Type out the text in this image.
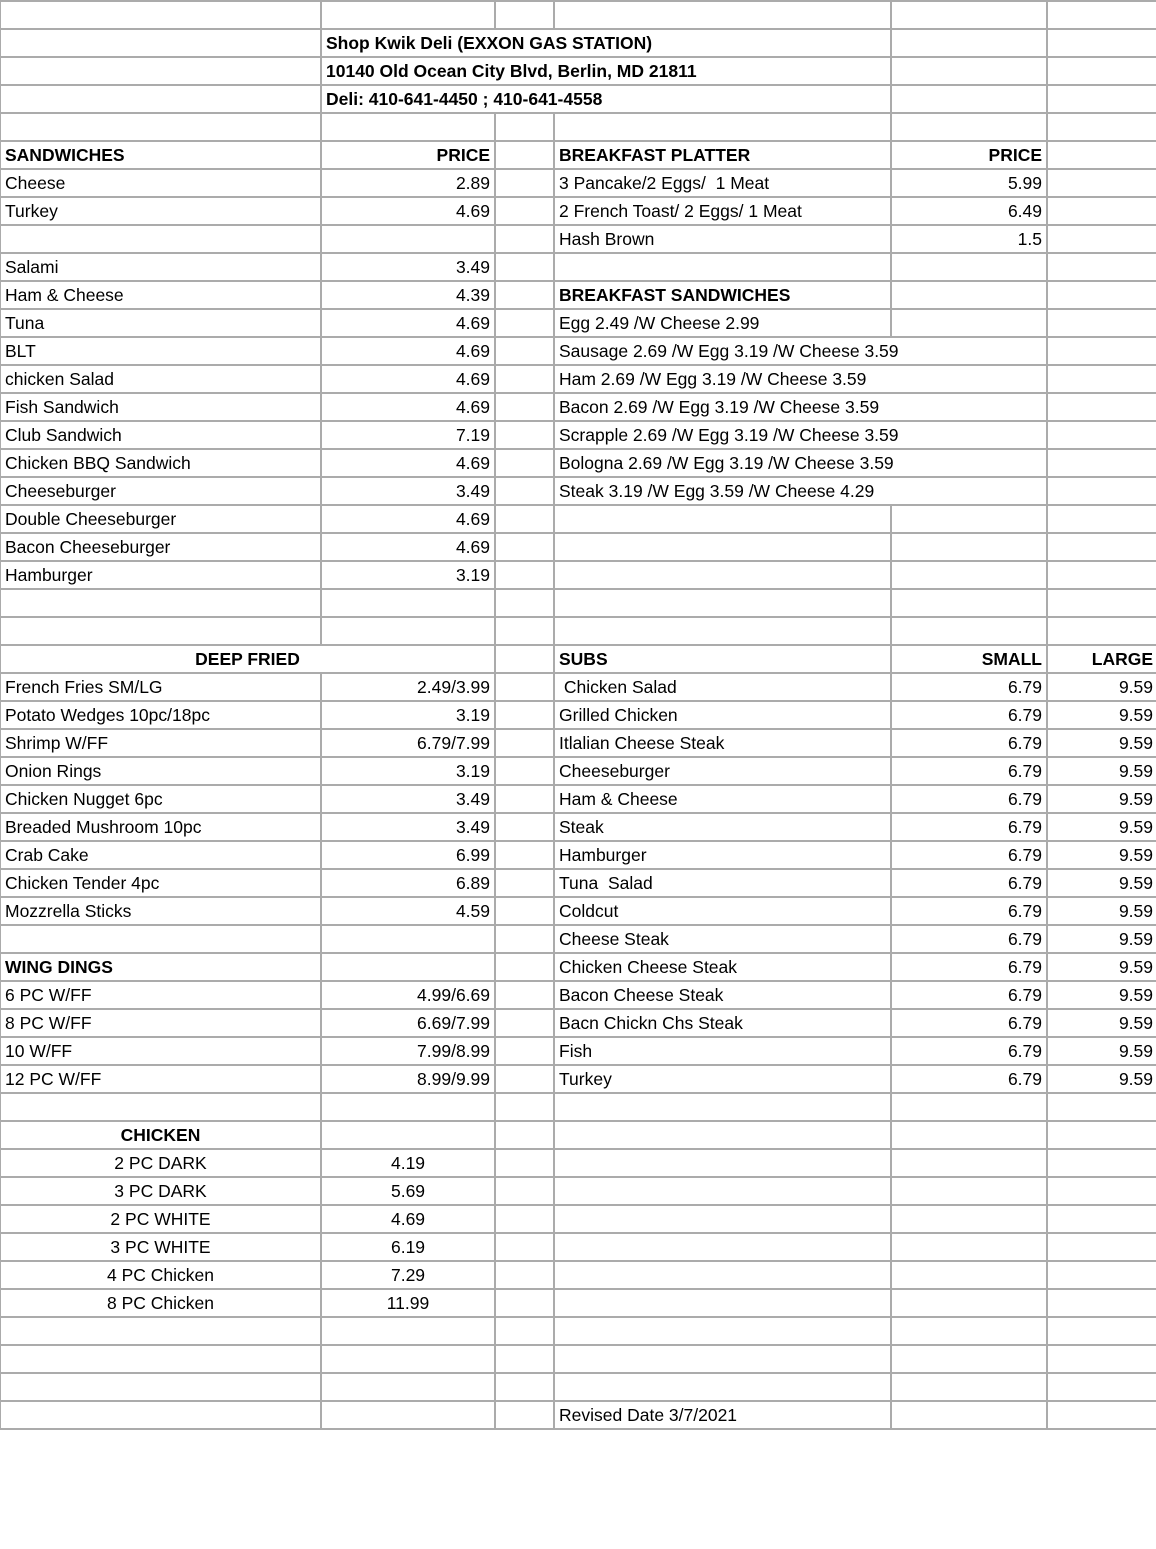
	Shop Kwik Deli (EXXON GAS STATION)				
	10140 Old Ocean City Blvd, Berlin, MD 21811				
	Deli: 410-641-4450 ; 410-641-4558				

SANDWICHES	PRICE		BREAKFAST PLATTER	PRICE	
Cheese	2.89		3 Pancake/2 Eggs/  1 Meat	5.99	
Turkey	4.69		2 French Toast/ 2 Eggs/ 1 Meat	6.49	
			Hash Brown	1.5	
Salami	3.49				
Ham & Cheese	4.39		BREAKFAST SANDWICHES		
Tuna	4.69		Egg 2.49 /W Cheese 2.99		
BLT	4.69		Sausage 2.69 /W Egg 3.19 /W Cheese 3.59		
chicken Salad	4.69		Ham 2.69 /W Egg 3.19 /W Cheese 3.59		
Fish Sandwich	4.69		Bacon 2.69 /W Egg 3.19 /W Cheese 3.59		
Club Sandwich	7.19		Scrapple 2.69 /W Egg 3.19 /W Cheese 3.59		
Chicken BBQ Sandwich	4.69		Bologna 2.69 /W Egg 3.19 /W Cheese 3.59		
Cheeseburger	3.49		Steak 3.19 /W Egg 3.59 /W Cheese 4.29		
Double Cheeseburger	4.69				
Bacon Cheeseburger	4.69				
Hamburger	3.19				

DEEP FRIED			SUBS	SMALL	LARGE
French Fries SM/LG	2.49/3.99		Chicken Salad	6.79	9.59
Potato Wedges 10pc/18pc	3.19		Grilled Chicken	6.79	9.59
Shrimp W/FF	6.79/7.99		Itlalian Cheese Steak	6.79	9.59
Onion Rings	3.19		Cheeseburger	6.79	9.59
Chicken Nugget 6pc	3.49		Ham & Cheese	6.79	9.59
Breaded Mushroom 10pc	3.49		Steak	6.79	9.59
Crab Cake	6.99		Hamburger	6.79	9.59
Chicken Tender 4pc	6.89		Tuna  Salad	6.79	9.59
Mozzrella Sticks	4.59		Coldcut	6.79	9.59
			Cheese Steak	6.79	9.59
WING DINGS			Chicken Cheese Steak	6.79	9.59
6 PC W/FF	4.99/6.69		Bacon Cheese Steak	6.79	9.59
8 PC W/FF	6.69/7.99		Bacn Chickn Chs Steak	6.79	9.59
10 W/FF	7.99/8.99		Fish	6.79	9.59
12 PC W/FF	8.99/9.99		Turkey	6.79	9.59

CHICKEN					
2 PC DARK	4.19				
3 PC DARK	5.69				
2 PC WHITE	4.69				
3 PC WHITE	6.19				
4 PC Chicken	7.29				
8 PC Chicken	11.99				

			Revised Date 3/7/2021		
